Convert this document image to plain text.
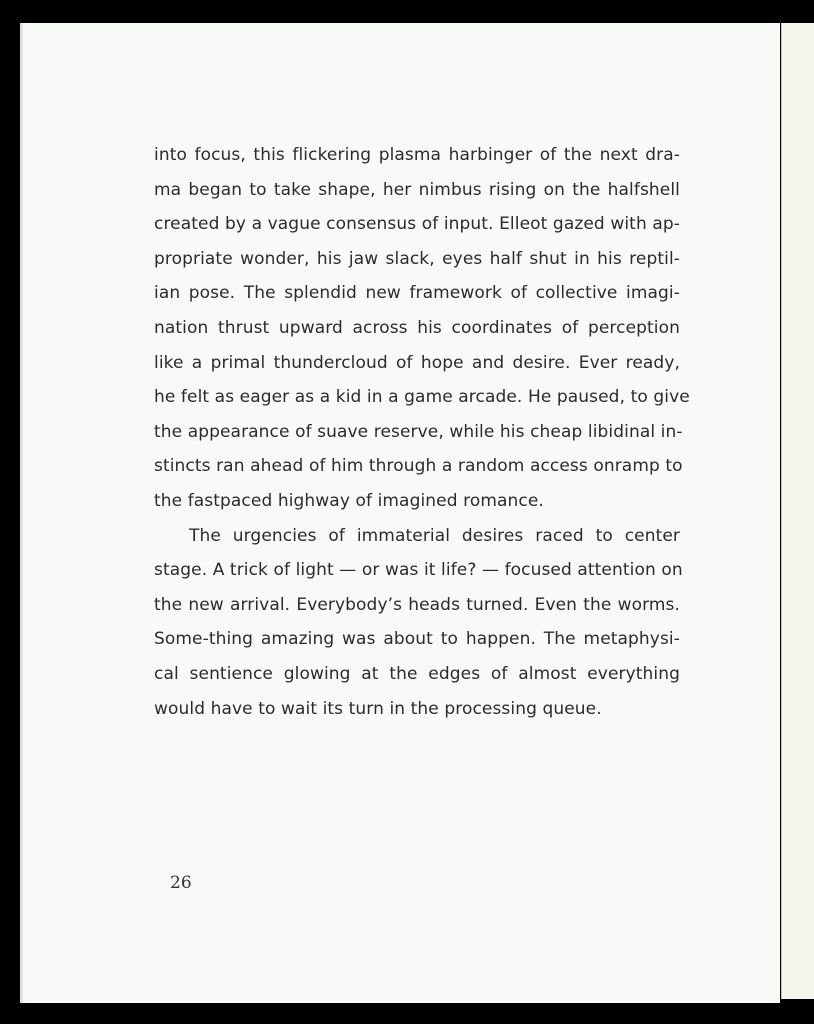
into focus, this flickering plasma harbinger of the next dra-
ma began to take shape, her nimbus rising on the halfshell
created by a vague consensus of input. Elleot gazed with ap-
propriate wonder, his jaw slack, eyes half shut in his reptil-
ian pose. The splendid new framework of collective imagi-
nation thrust upward across his coordinates of perception
like a primal thundercloud of hope and desire. Ever ready,
he felt as eager as a kid in a game arcade. He paused, to give
the appearance of suave reserve, while his cheap libidinal in-
stincts ran ahead of him through a random access onramp to
the fastpaced highway of imagined romance.
The urgencies of immaterial desires raced to center
stage. A trick of light — or was it life? — focused attention on
the new arrival. Everybody’s heads turned. Even the worms.
Some-thing amazing was about to happen. The metaphysi-
cal sentience glowing at the edges of almost everything
would have to wait its turn in the processing queue.
26
